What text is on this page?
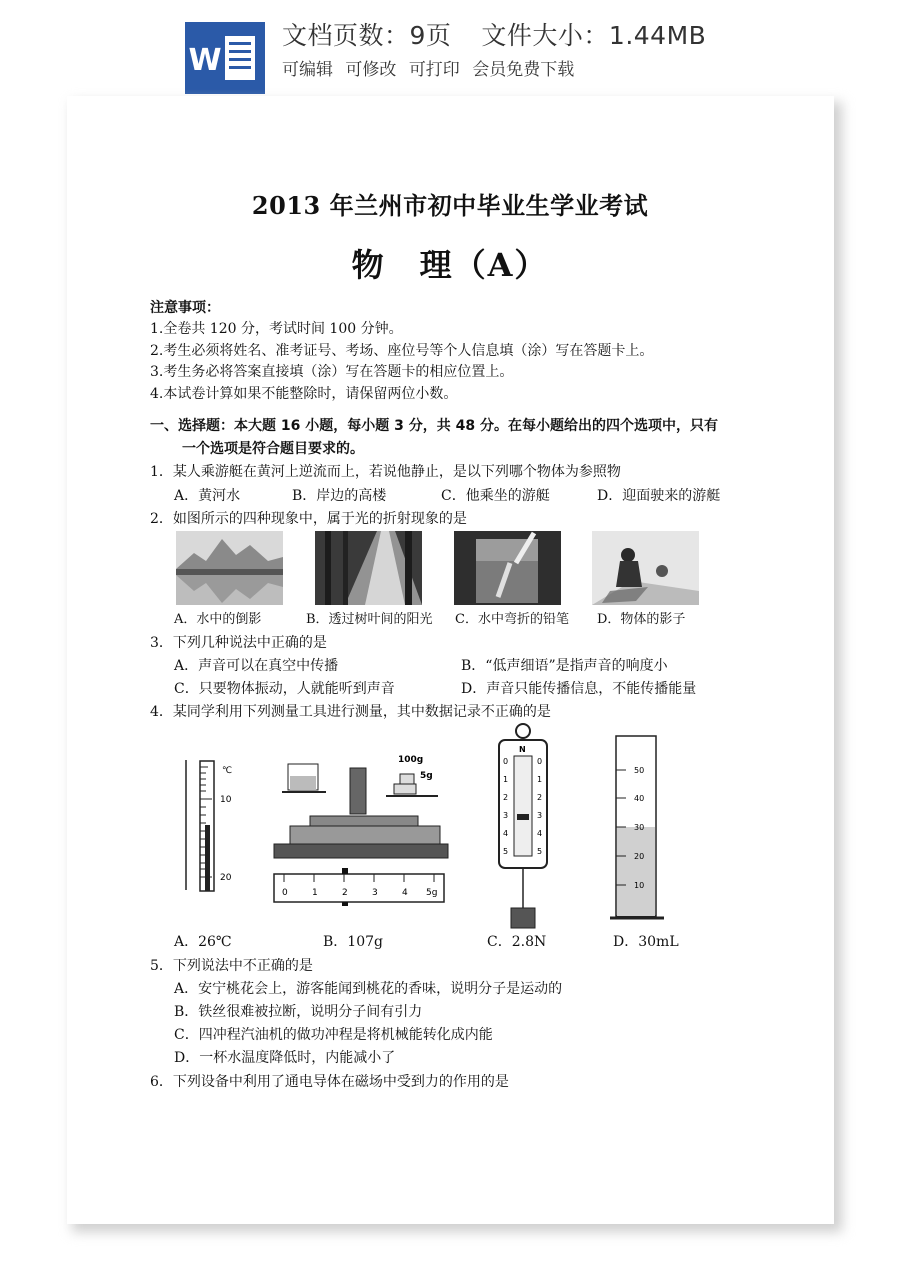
W
文档页数：9页 文件大小：1.44MB
可编辑 可修改 可打印 会员免费下载
2013 年兰州市初中毕业生学业考试
物　理（A）
注意事项：
1.全卷共 120 分，考试时间 100 分钟。
2.考生必须将姓名、准考证号、考场、座位号等个人信息填（涂）写在答题卡上。
3.考生务必将答案直接填（涂）写在答题卡的相应位置上。
4.本试卷计算如果不能整除时，请保留两位小数。
一、选择题：本大题 16 小题，每小题 3 分，共 48 分。在每小题给出的四个选项中，只有
一个选项是符合题目要求的。
1．某人乘游艇在黄河上逆流而上，若说他静止，是以下列哪个物体为参照物
A．黄河水	B．岸边的高楼	C．他乘坐的游艇	D．迎面驶来的游艇
2．如图所示的四种现象中，属于光的折射现象的是
A．水中的倒影	B．透过树叶间的阳光 C．水中弯折的铅笔 D．物体的影子
3．下列几种说法中正确的是
A．声音可以在真空中传播	B．“低声细语”是指声音的响度小
C．只要物体振动，人就能听到声音	D．声音只能传播信息，不能传播能量
4．某同学利用下列测量工具进行测量，其中数据记录不正确的是
℃
10
20
100g
5g
0	1	2	3	4 5g
N
0
1
2
3
4
5
0
1
2
3
4
5
50
40
30
20
10
A．26℃	B．107g	C．2.8N	D．30mL
5．下列说法中不正确的是
A．安宁桃花会上，游客能闻到桃花的香味，说明分子是运动的
B．铁丝很难被拉断，说明分子间有引力
C．四冲程汽油机的做功冲程是将机械能转化成内能
D．一杯水温度降低时，内能减小了
6．下列设备中利用了通电导体在磁场中受到力的作用的是
